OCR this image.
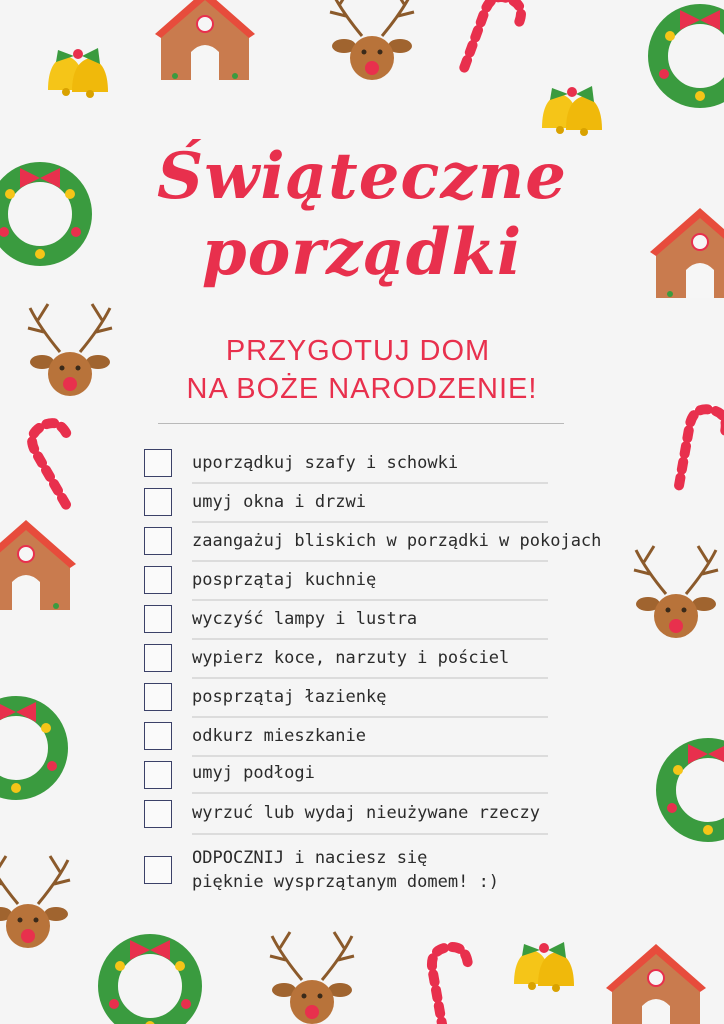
Świąteczne
porządki
PRZYGOTUJ DOM
NA BOŻE NARODZENIE!
uporządkuj szafy i schowki
umyj okna i drzwi
zaangażuj bliskich w porządki w pokojach
posprzątaj kuchnię
wyczyść lampy i lustra
wypierz koce, narzuty i pościel
posprzątaj łazienkę
odkurz mieszkanie
umyj podłogi
wyrzuć lub wydaj nieużywane rzeczy
ODPOCZNIJ i naciesz się
pięknie wysprzątanym domem! :)
